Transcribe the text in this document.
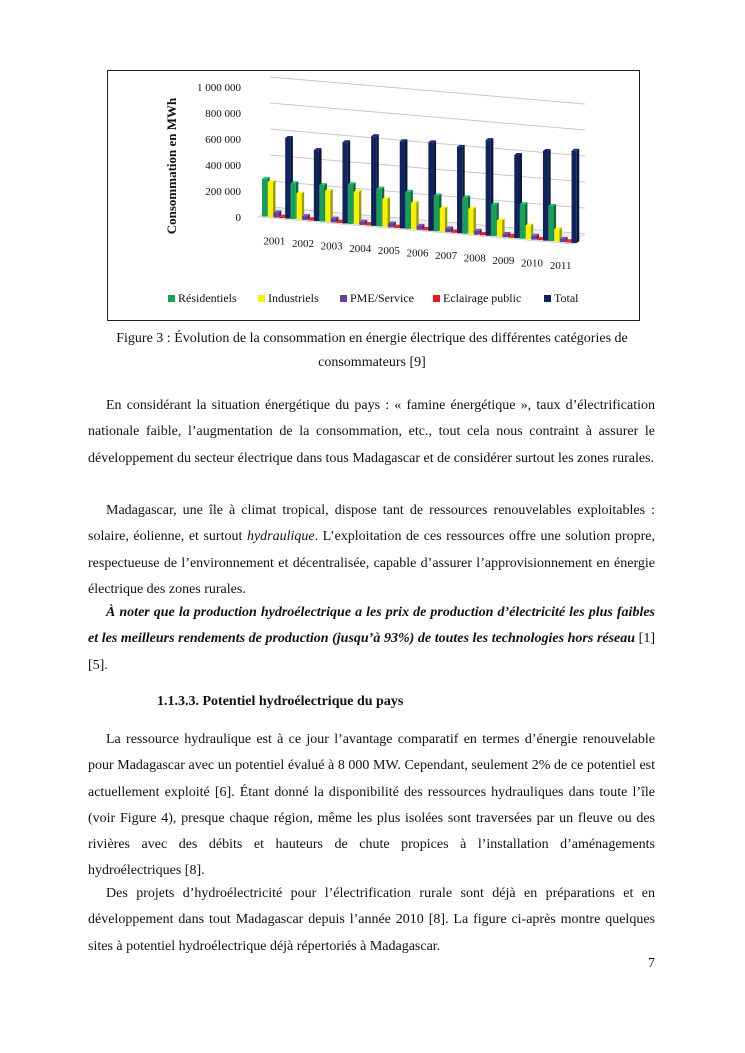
0
200 000
400 000
600 000
800 000
1 000 000
Consommation en MWh
2001 2002 2003 2004 2005 2006 2007 2008 2009 2010 2011
Résidentiels	Industriels	PME/Service Eclairage public	Total
Figure 3 : Évolution de la consommation en énergie électrique des différentes catégories de
consommateurs [9]

En considérant la situation énergétique du pays : « famine énergétique », taux d’électrification nationale faible, l’augmentation de la consommation, etc., tout cela nous contraint à assurer le développement du secteur électrique dans tous Madagascar et de considérer surtout les zones rurales.

Madagascar, une île à climat tropical, dispose tant de ressources renouvelables exploitables : solaire, éolienne, et surtout hydraulique. L’exploitation de ces ressources offre une solution propre, respectueuse de l’environnement et décentralisée, capable d’assurer l’approvisionnement en énergie électrique des zones rurales.

À noter que la production hydroélectrique a les prix de production d’électricité les plus faibles et les meilleurs rendements de production (jusqu’à 93%) de toutes les technologies hors réseau [1][5].

1.1.3.3. Potentiel hydroélectrique du pays

La ressource hydraulique est à ce jour l’avantage comparatif en termes d’énergie renouvelable pour Madagascar avec un potentiel évalué à 8 000 MW. Cependant, seulement 2% de ce potentiel est actuellement exploité [6]. Étant donné la disponibilité des ressources hydrauliques dans toute l’île (voir Figure 4), presque chaque région, même les plus isolées sont traversées par un fleuve ou des rivières avec des débits et hauteurs de chute propices à l’installation d’aménagements hydroélectriques [8].

Des projets d’hydroélectricité pour l’électrification rurale sont déjà en préparations et en développement dans tout Madagascar depuis l’année 2010 [8]. La figure ci-après montre quelques sites à potentiel hydroélectrique déjà répertoriés à Madagascar.

7
